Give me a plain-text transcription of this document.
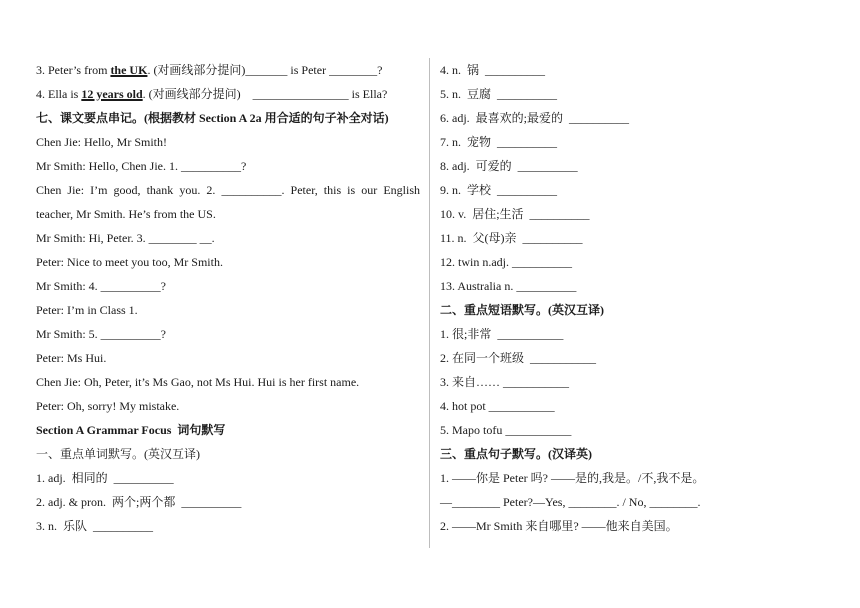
3. Peter’s from the UK. (对画线部分提问)_______ is Peter ________?
4. Ella is 12 years old. (对画线部分提问)    ________________ is Ella?
七、课文要点串记。(根据教材 Section A 2a 用合适的句子补全对话)
Chen Jie: Hello, Mr Smith!
Mr Smith: Hello, Chen Jie. 1. __________?
Chen Jie: I’m good, thank you. 2. __________. Peter, this is our English
teacher, Mr Smith. He’s from the US.
Mr Smith: Hi, Peter. 3. ________ __.
Peter: Nice to meet you too, Mr Smith.
Mr Smith: 4. __________?
Peter: I’m in Class 1.
Mr Smith: 5. __________?
Peter: Ms Hui.
Chen Jie: Oh, Peter, it’s Ms Gao, not Ms Hui. Hui is her first name.
Peter: Oh, sorry! My mistake.
Section A Grammar Focus  词句默写
一、重点单词默写。(英汉互译)
1. adj.  相同的  __________
2. adj. & pron.  两个;两个都  __________
3. n.  乐队  __________
4. n.  锅  __________
5. n.  豆腐  __________
6. adj.  最喜欢的;最爱的  __________
7. n.  宠物  __________
8. adj.  可爱的  __________
9. n.  学校  __________
10. v.  居住;生活  __________
11. n.  父(母)亲  __________
12. twin n.adj. __________
13. Australia n. __________
二、重点短语默写。(英汉互译)
1. 很;非常  ___________
2. 在同一个班级  ___________
3. 来自…… ___________
4. hot pot ___________
5. Mapo tofu ___________
三、重点句子默写。(汉译英)
1. ——你是 Peter 吗? ——是的,我是。/不,我不是。
—________ Peter?—Yes, ________. / No, ________.
2. ——Mr Smith 来自哪里? ——他来自美国。
